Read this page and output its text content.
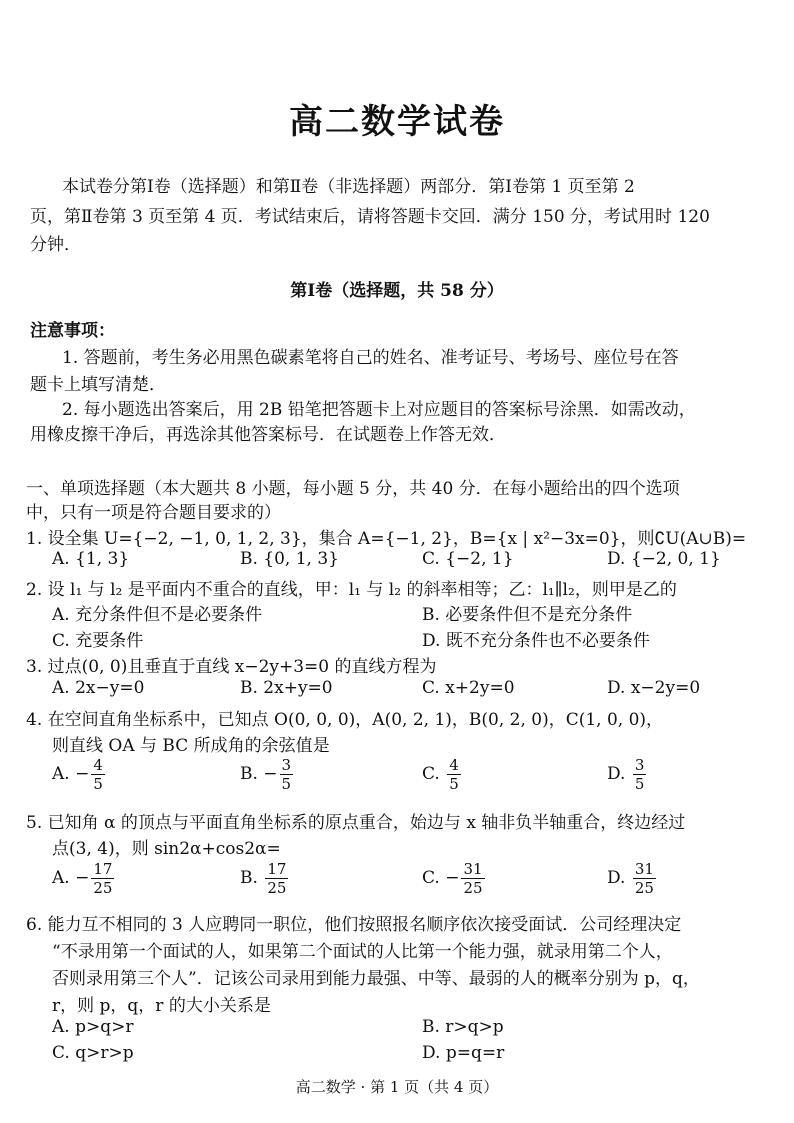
高二数学试卷
本试卷分第Ⅰ卷（选择题）和第Ⅱ卷（非选择题）两部分．第Ⅰ卷第 1 页至第 2
页，第Ⅱ卷第 3 页至第 4 页．考试结束后，请将答题卡交回．满分 150 分，考试用时 120
分钟．
第Ⅰ卷（选择题，共 58 分）
注意事项：
1. 答题前，考生务必用黑色碳素笔将自己的姓名、准考证号、考场号、座位号在答
题卡上填写清楚．
2. 每小题选出答案后，用 2B 铅笔把答题卡上对应题目的答案标号涂黑．如需改动，
用橡皮擦干净后，再选涂其他答案标号．在试题卷上作答无效．
一、单项选择题（本大题共 8 小题，每小题 5 分，共 40 分．在每小题给出的四个选项
中，只有一项是符合题目要求的）
1. 设全集 U={−2, −1, 0, 1, 2, 3}，集合 A={−1, 2}，B={x | x²−3x=0}，则∁U(A∪B)=
A. {1, 3}	B. {0, 1, 3}	C. {−2, 1}	D. {−2, 0, 1}
2. 设 l₁ 与 l₂ 是平面内不重合的直线，甲：l₁ 与 l₂ 的斜率相等；乙：l₁∥l₂，则甲是乙的
A. 充分条件但不是必要条件	B. 必要条件但不是充分条件
C. 充要条件	D. 既不充分条件也不必要条件
3. 过点(0, 0)且垂直于直线 x−2y+3=0 的直线方程为
A. 2x−y=0	B. 2x+y=0	C. x+2y=0	D. x−2y=0
4. 在空间直角坐标系中，已知点 O(0, 0, 0)，A(0, 2, 1)，B(0, 2, 0)，C(1, 0, 0)，
则直线 OA 与 BC 所成角的余弦值是
A. − $\frac{4}{5}$	B. − $\frac{3}{5}$	C. $\frac{4}{5}$	D. $\frac{3}{5}$
5. 已知角 α 的顶点与平面直角坐标系的原点重合，始边与 x 轴非负半轴重合，终边经过
点(3, 4)，则 sin2α+cos2α=
A. − $\frac{17}{25}$	B. $\frac{17}{25}$	C. − $\frac{31}{25}$	D. $\frac{31}{25}$
6. 能力互不相同的 3 人应聘同一职位，他们按照报名顺序依次接受面试．公司经理决定
“不录用第一个面试的人，如果第二个面试的人比第一个能力强，就录用第二个人，
否则录用第三个人”．记该公司录用到能力最强、中等、最弱的人的概率分别为 p，q，
r，则 p，q，r 的大小关系是
A. p>q>r	B. r>q>p
C. q>r>p	D. p=q=r
高二数学 · 第 1 页（共 4 页）
